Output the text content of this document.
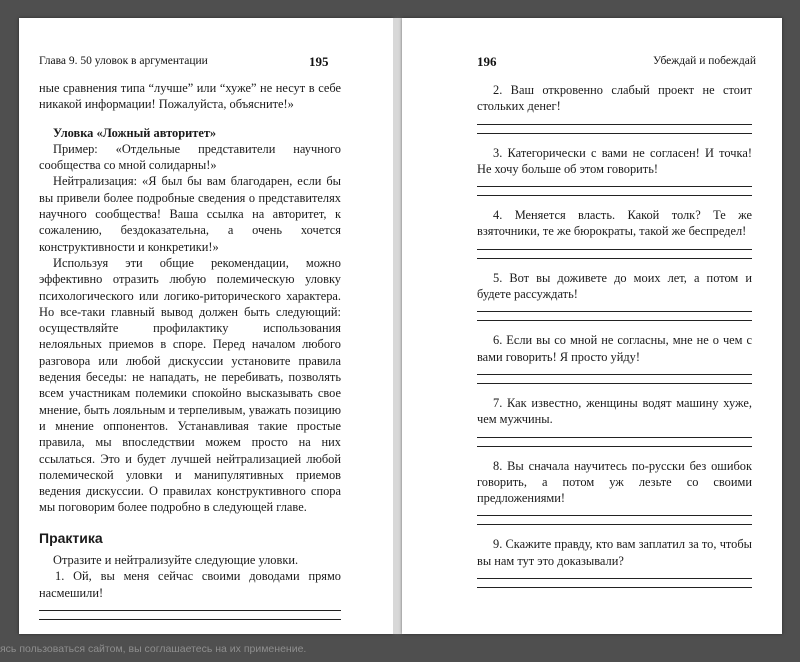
Глава 9. 50 уловок в аргументации	195

ные сравнения типа “лучше” или “хуже” не несут в себе никакой информации! Пожалуйста, объясните!»

Уловка «Ложный авторитет»

Пример: «Отдельные представители научного сообщества со мной солидарны!»

Нейтрализация: «Я был бы вам благодарен, если бы вы привели более подробные сведения о представителях научного сообщества! Ваша ссылка на авторитет, к сожалению, бездоказательна, а очень хочется конструктивности и конкретики!»

Используя эти общие рекомендации, можно эффективно отразить любую полемическую уловку психологического или логико-риторического характера. Но все-таки главный вывод должен быть следующий: осуществляйте профилактику использования нелояльных приемов в споре. Перед началом любого разговора или любой дискуссии установите правила ведения беседы: не нападать, не перебивать, позволять всем участникам полемики спокойно высказывать свое мнение, быть лояльным и терпеливым, уважать позицию и мнение оппонентов. Устанавливая такие простые правила, мы впоследствии можем просто на них ссылаться. Это и будет лучшей нейтрализацией любой полемической уловки и манипулятивных приемов ведения дискуссии. О правилах конструктивного спора мы поговорим более подробно в следующей главе.

Практика

Отразите и нейтрализуйте следующие уловки.

1. Ой, вы меня сейчас своими доводами прямо насмешили!

196	Убеждай и побеждай

2. Ваш откровенно слабый проект не стоит стольких денег!

3. Категорически с вами не согласен! И точка! Не хочу больше об этом говорить!

4. Меняется власть. Какой толк? Те же взяточники, те же бюрократы, такой же беспредел!

5. Вот вы доживете до моих лет, а потом и будете рассуждать!

6. Если вы со мной не согласны, мне не о чем с вами говорить! Я просто уйду!

7. Как известно, женщины водят машину хуже, чем мужчины.

8. Вы сначала научитесь по-русски без ошибок говорить, а потом уж лезьте со своими предложениями!

9. Скажите правду, кто вам заплатил за то, чтобы вы нам тут это доказывали?

ясь пользоваться сайтом, вы соглашаетесь на их применение.
